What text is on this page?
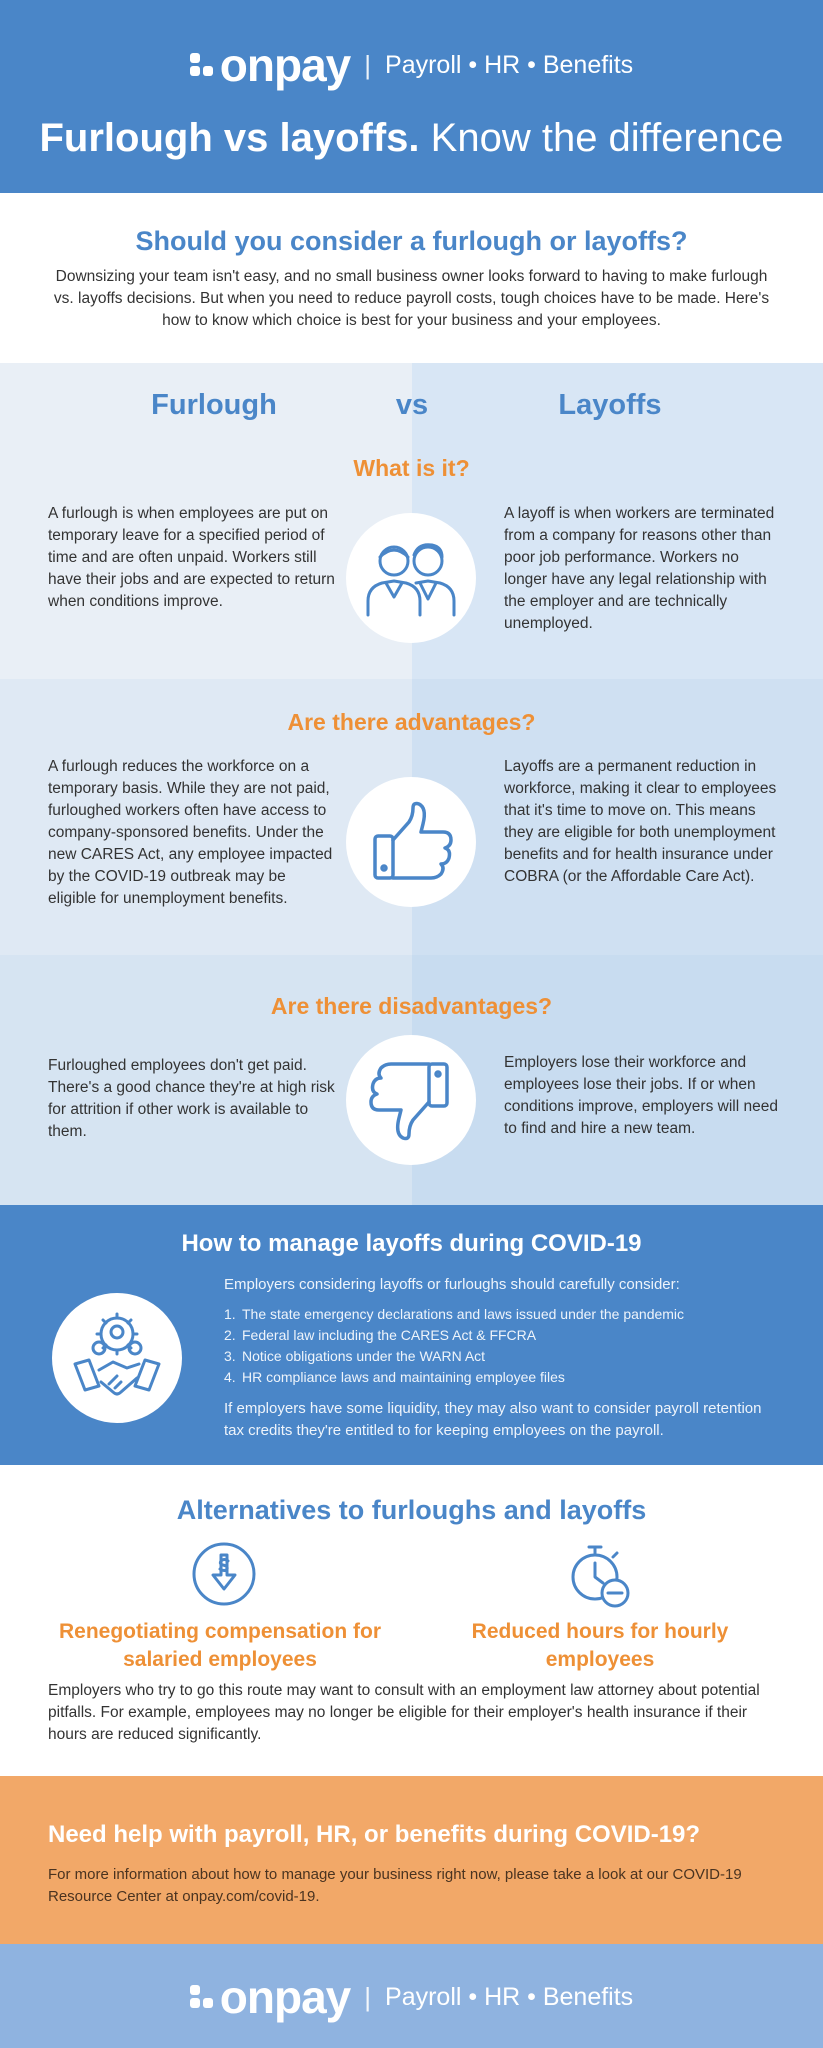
onpay | Payroll • HR • Benefits
Furlough vs layoffs. Know the difference
Should you consider a furlough or layoffs?

Downsizing your team isn't easy, and no small business owner looks forward to having to make furlough vs. layoffs decisions. But when you need to reduce payroll costs, tough choices have to be made. Here's how to know which choice is best for your business and your employees.

Furlough	vs	Layoffs
What is it?
A furlough is when employees are put on temporary leave for a specified period of time and are often unpaid. Workers still have their jobs and are expected to return when conditions improve.
A layoff is when workers are terminated from a company for reasons other than poor job performance. Workers no longer have any legal relationship with the employer and are technically unemployed.
Are there advantages?
A furlough reduces the workforce on a temporary basis. While they are not paid, furloughed workers often have access to company-sponsored benefits. Under the new CARES Act, any employee impacted by the COVID-19 outbreak may be eligible for unemployment benefits.
Layoffs are a permanent reduction in workforce, making it clear to employees that it's time to move on. This means they are eligible for both unemployment benefits and for health insurance under COBRA (or the Affordable Care Act).
Are there disadvantages?
Furloughed employees don't get paid. There's a good chance they're at high risk for attrition if other work is available to them.
Employers lose their workforce and employees lose their jobs. If or when conditions improve, employers will need to find and hire a new team.
How to manage layoffs during COVID-19
Employers considering layoffs or furloughs should carefully consider:
1. The state emergency declarations and laws issued under the pandemic
2. Federal law including the CARES Act & FFCRA
3. Notice obligations under the WARN Act
4. HR compliance laws and maintaining employee files
If employers have some liquidity, they may also want to consider payroll retention tax credits they're entitled to for keeping employees on the payroll.
Alternatives to furloughs and layoffs
Renegotiating compensation for salaried employees
Reduced hours for hourly employees

Employers who try to go this route may want to consult with an employment law attorney about potential pitfalls. For example, employees may no longer be eligible for their employer's health insurance if their hours are reduced significantly.

Need help with payroll, HR, or benefits during COVID-19?

For more information about how to manage your business right now, please take a look at our COVID-19 Resource Center at onpay.com/covid-19.

onpay | Payroll • HR • Benefits
